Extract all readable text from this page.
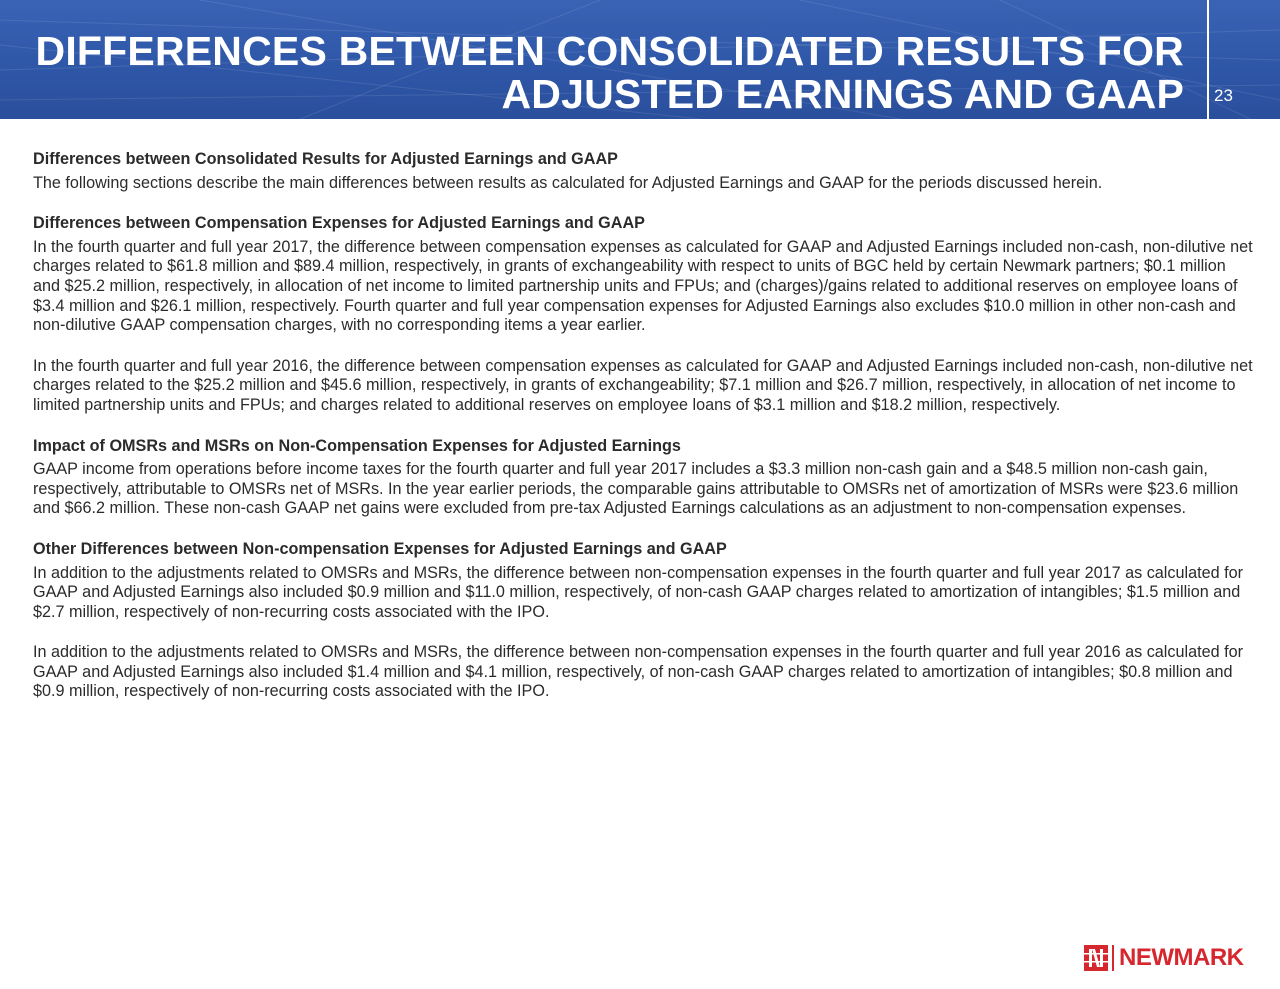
DIFFERENCES BETWEEN CONSOLIDATED RESULTS FOR
ADJUSTED EARNINGS AND GAAP 23
Differences between Consolidated Results for Adjusted Earnings and GAAP

The following sections describe the main differences between results as calculated for Adjusted Earnings and GAAP for the periods discussed herein.

Differences between Compensation Expenses for Adjusted Earnings and GAAP

In the fourth quarter and full year 2017, the difference between compensation expenses as calculated for GAAP and Adjusted Earnings included non-cash, non-dilutive net charges related to $61.8 million and $89.4 million, respectively, in grants of exchangeability with respect to units of BGC held by certain Newmark partners; $0.1 million and $25.2 million, respectively, in allocation of net income to limited partnership units and FPUs; and (charges)/gains related to additional reserves on employee loans of $3.4 million and $26.1 million, respectively. Fourth quarter and full year compensation expenses for Adjusted Earnings also excludes $10.0 million in other non-cash and non-dilutive GAAP compensation charges, with no corresponding items a year earlier.

In the fourth quarter and full year 2016, the difference between compensation expenses as calculated for GAAP and Adjusted Earnings included non-cash, non-dilutive net charges related to the $25.2 million and $45.6 million, respectively, in grants of exchangeability; $7.1 million and $26.7 million, respectively, in allocation of net income to limited partnership units and FPUs; and charges related to additional reserves on employee loans of $3.1 million and $18.2 million, respectively.

Impact of OMSRs and MSRs on Non-Compensation Expenses for Adjusted Earnings

GAAP income from operations before income taxes for the fourth quarter and full year 2017 includes a $3.3 million non-cash gain and a $48.5 million non-cash gain, respectively, attributable to OMSRs net of MSRs. In the year earlier periods, the comparable gains attributable to OMSRs net of amortization of MSRs were $23.6 million and $66.2 million. These non-cash GAAP net gains were excluded from pre-tax Adjusted Earnings calculations as an adjustment to non-compensation expenses.

Other Differences between Non-compensation Expenses for Adjusted Earnings and GAAP

In addition to the adjustments related to OMSRs and MSRs, the difference between non-compensation expenses in the fourth quarter and full year 2017 as calculated for GAAP and Adjusted Earnings also included $0.9 million and $11.0 million, respectively, of non-cash GAAP charges related to amortization of intangibles; $1.5 million and $2.7 million, respectively of non-recurring costs associated with the IPO.

In addition to the adjustments related to OMSRs and MSRs, the difference between non-compensation expenses in the fourth quarter and full year 2016 as calculated for GAAP and Adjusted Earnings also included $1.4 million and $4.1 million, respectively, of non-cash GAAP charges related to amortization of intangibles; $0.8 million and $0.9 million, respectively of non-recurring costs associated with the IPO.

NEWMARK
